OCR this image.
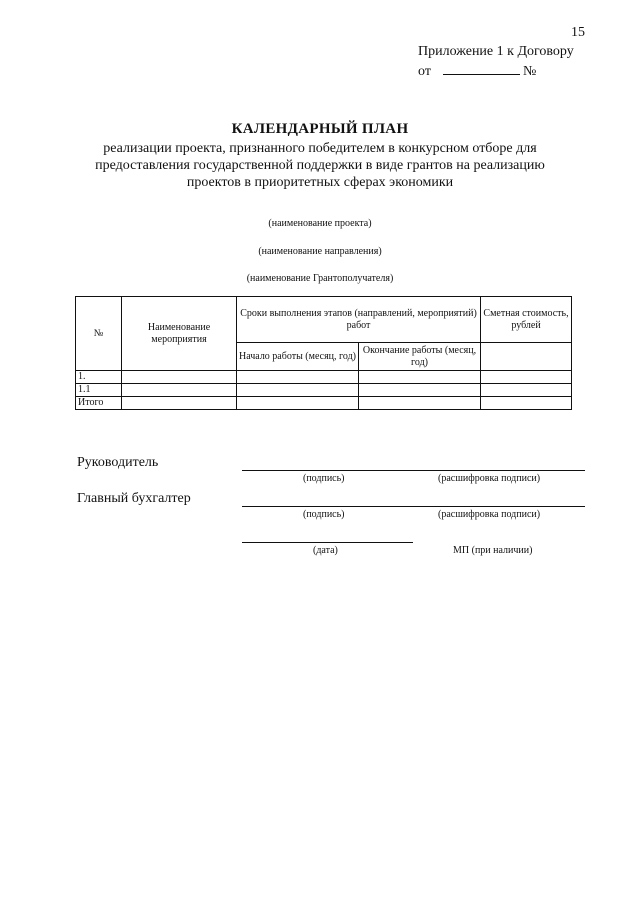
15
Приложение 1 к Договору
от	№
КАЛЕНДАРНЫЙ ПЛАН
реализации проекта, признанного победителем в конкурсном отборе для предоставления государственной поддержки в виде грантов на реализацию проектов в приоритетных сферах экономики
(наименование проекта)
(наименование направления)
(наименование Грантополучателя)
№	Наименование мероприятия	Сроки выполнения этапов (направлений, мероприятий) работ		Сметная стоимость, рублей
		Начало работы (месяц, год)	Окончание работы (месяц, год)	
1.				
1.1				
Итого				
Руководитель
(подпись)	(расшифровка подписи)
Главный бухгалтер
(подпись)	(расшифровка подписи)
(дата)	МП (при наличии)
